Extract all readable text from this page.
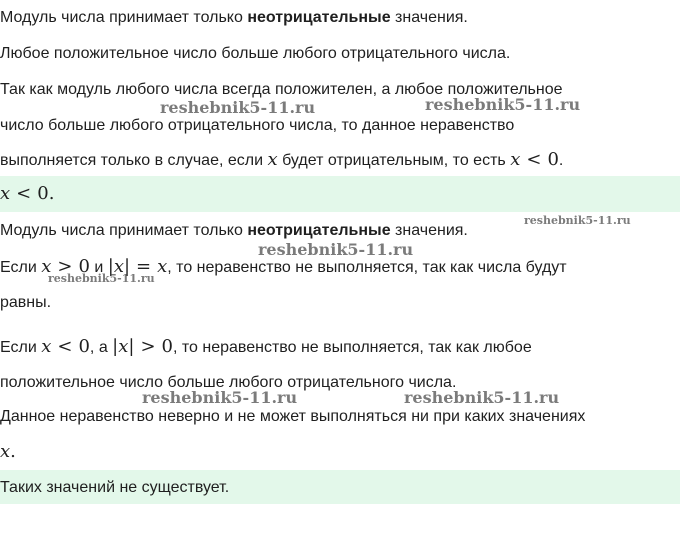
Модуль числа принимает только неотрицательные значения.
Любое положительное число больше любого отрицательного числа.
Так как модуль любого числа всегда положителен, а любое положительное
число больше любого отрицательного числа, то данное неравенство
выполняется только в случае, если x будет отрицательным, то есть x < 0.
x < 0.
Модуль числа принимает только неотрицательные значения.
Если x > 0 и |x| = x, то неравенство не выполняется, так как числа будут
равны.
Если x < 0, а |x| > 0, то неравенство не выполняется, так как любое
положительное число больше любого отрицательного числа.
Данное неравенство неверно и не может выполняться ни при каких значениях
x.
Таких значений не существует.
reshebnik5-11.ru	reshebnik5-11.ru
reshebnik5-11.ru
reshebnik5-11.ru
reshebnik5-11.ru
reshebnik5-11.ru	reshebnik5-11.ru
